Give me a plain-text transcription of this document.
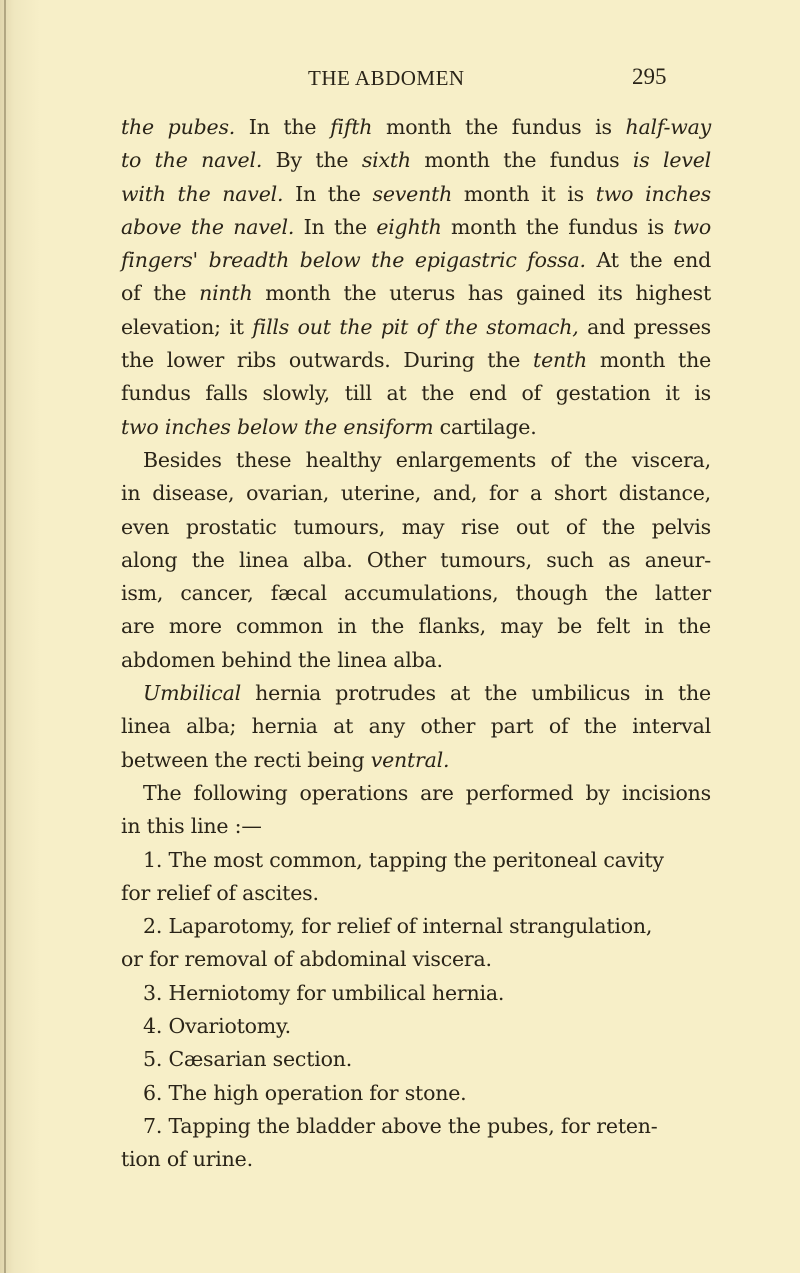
THE ABDOMEN	295
the pubes. In the fifth month the fundus is half-way
to the navel. By the sixth month the fundus is level
with the navel. In the seventh month it is two inches
above the navel. In the eighth month the fundus is two
fingers' breadth below the epigastric fossa. At the end
of the ninth month the uterus has gained its highest
elevation; it fills out the pit of the stomach, and presses
the lower ribs outwards. During the tenth month the
fundus falls slowly, till at the end of gestation it is
two inches below the ensiform cartilage.
Besides these healthy enlargements of the viscera,
in disease, ovarian, uterine, and, for a short distance,
even prostatic tumours, may rise out of the pelvis
along the linea alba. Other tumours, such as aneur-
ism, cancer, fæcal accumulations, though the latter
are more common in the flanks, may be felt in the
abdomen behind the linea alba.
Umbilical hernia protrudes at the umbilicus in the
linea alba; hernia at any other part of the interval
between the recti being ventral.
The following operations are performed by incisions
in this line :—
1. The most common, tapping the peritoneal cavity
for relief of ascites.
2. Laparotomy, for relief of internal strangulation,
or for removal of abdominal viscera.
3. Herniotomy for umbilical hernia.
4. Ovariotomy.
5. Cæsarian section.
6. The high operation for stone.
7. Tapping the bladder above the pubes, for reten-
tion of urine.
